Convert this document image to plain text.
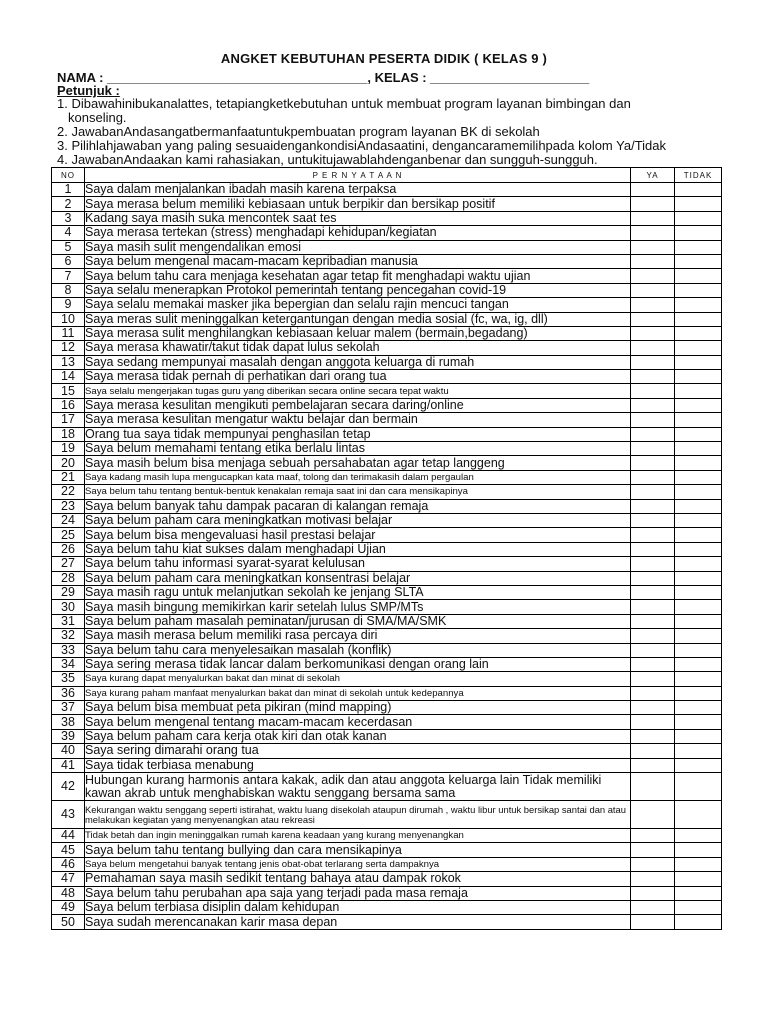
ANGKET KEBUTUHAN PESERTA DIDIK ( KELAS 9 )
NAMA : ____________________________________, KELAS : ______________________
Petunjuk :
1. Dibawahinibukanalattes, tetapiangketkebutuhan untuk membuat program layanan bimbingan dan
konseling.
2. JawabanAndasangatbermanfaatuntukpembuatan program layanan BK di sekolah
3. Pilihlahjawaban yang paling sesuaidengankondisiAndasaatini, dengancaramemilihpada kolom Ya/Tidak
4. JawabanAndaakan kami rahasiakan, untukitujawablahdenganbenar dan sungguh-sungguh.
NO	P E R N Y A T A A N	YA	TIDAK
1	Saya dalam menjalankan ibadah masih karena terpaksa		
2	Saya merasa belum memiliki kebiasaan untuk berpikir dan bersikap positif		
3	Kadang saya masih suka mencontek saat tes		
4	Saya merasa tertekan (stress) menghadapi kehidupan/kegiatan		
5	Saya masih sulit mengendalikan emosi		
6	Saya belum mengenal macam-macam kepribadian manusia		
7	Saya belum tahu cara menjaga kesehatan agar tetap fit menghadapi waktu ujian		
8	Saya selalu menerapkan Protokol pemerintah tentang pencegahan covid-19		
9	Saya selalu memakai masker jika bepergian dan selalu rajin mencuci tangan		
10	Saya meras sulit meninggalkan ketergantungan dengan media sosial (fc, wa, ig, dll)		
11	Saya merasa sulit menghilangkan kebiasaan keluar malem (bermain,begadang)		
12	Saya merasa khawatir/takut tidak dapat lulus sekolah		
13	Saya sedang mempunyai masalah dengan anggota keluarga di rumah		
14	Saya merasa tidak pernah di perhatikan dari orang tua		
15	Saya selalu mengerjakan tugas guru yang diberikan secara online secara tepat waktu		
16	Saya merasa kesulitan mengikuti pembelajaran secara daring/online		
17	Saya merasa kesulitan mengatur waktu belajar dan bermain		
18	Orang tua saya tidak mempunyai penghasilan tetap		
19	Saya belum memahami tentang etika berlalu lintas		
20	Saya masih belum bisa menjaga sebuah persahabatan agar tetap langgeng		
21	Saya kadang masih lupa mengucapkan kata maaf, tolong dan terimakasih dalam pergaulan		
22	Saya belum tahu tentang bentuk-bentuk kenakalan remaja saat ini dan cara mensikapinya		
23	Saya belum banyak tahu dampak pacaran di kalangan remaja		
24	Saya belum paham cara meningkatkan motivasi belajar		
25	Saya belum bisa mengevaluasi hasil prestasi belajar		
26	Saya belum tahu kiat sukses dalam menghadapi Ujian		
27	Saya belum tahu informasi syarat-syarat kelulusan		
28	Saya belum paham cara meningkatkan konsentrasi belajar		
29	Saya masih ragu untuk melanjutkan sekolah ke jenjang SLTA		
30	Saya masih bingung memikirkan karir setelah lulus SMP/MTs		
31	Saya belum paham masalah peminatan/jurusan di SMA/MA/SMK		
32	Saya masih merasa belum memiliki rasa percaya diri		
33	Saya belum tahu cara menyelesaikan masalah (konflik)		
34	Saya sering merasa tidak lancar dalam berkomunikasi dengan orang lain		
35	Saya kurang dapat menyalurkan bakat dan minat di sekolah		
36	Saya kurang paham manfaat menyalurkan bakat dan minat di sekolah untuk kedepannya		
37	Saya belum bisa membuat peta pikiran (mind mapping)		
38	Saya belum mengenal tentang macam-macam kecerdasan		
39	Saya belum paham cara kerja otak kiri dan otak kanan		
40	Saya sering dimarahi orang tua		
41	Saya tidak terbiasa menabung		
42	Hubungan kurang harmonis antara kakak, adik dan atau anggota keluarga lain Tidak memiliki kawan akrab untuk menghabiskan waktu senggang bersama sama		
43	Kekurangan waktu senggang seperti istirahat, waktu luang disekolah ataupun dirumah , waktu libur untuk bersikap santai dan atau melakukan kegiatan yang menyenangkan atau rekreasi		
44	Tidak betah dan ingin meninggalkan rumah karena keadaan yang kurang menyenangkan		
45	Saya belum tahu tentang bullying dan cara mensikapinya		
46	Saya belum mengetahui banyak tentang jenis obat-obat terlarang serta dampaknya		
47	Pemahaman saya masih sedikit tentang bahaya atau dampak rokok		
48	Saya belum tahu perubahan apa saja yang terjadi pada masa remaja		
49	Saya belum terbiasa disiplin dalam kehidupan		
50	Saya sudah merencanakan karir masa depan		
